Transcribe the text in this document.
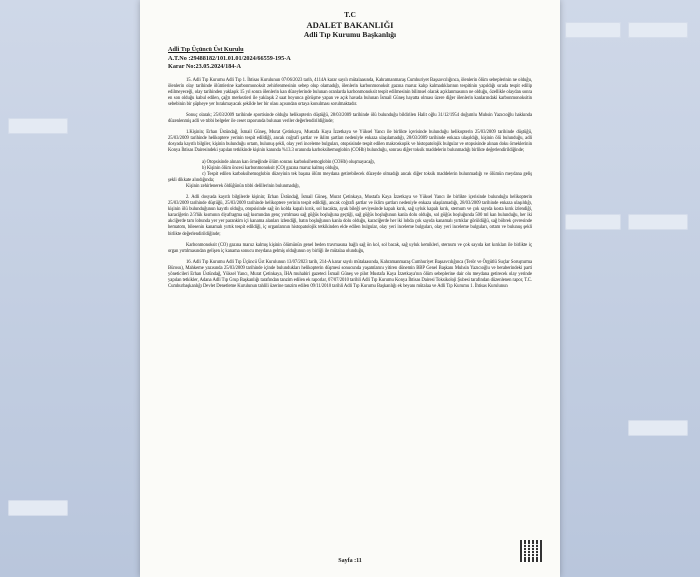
T.C
ADALET BAKANLIĞI
Adli Tıp Kurumu Başkanlığı
Adli Tıp Üçüncü Üst Kurulu
A.T.No :29488182/101.01.01/2024/66559-195-A
Karar No:23.05.2024/184-A

15. Adli Tıp Kurumu Adli Tıp 1. İhtisas Kurulunun 07/06/2023 tarih, 4114A karar sayılı mütalaasında, Kahramanmaraş Cumhuriyet Başsavcılığınca, ölenlerin ölüm sebeplerinin ne olduğu, ölenlerin olay tarihinde ölümlerine karbonmonoksit zehirlenmesinin sebep olup olamadığı, ölenlerin karbonmonoksit gazına maruz kalıp kalmadıklarının tespitinin yapıldığı sırada tespit edilip edilmeyeceği, olay tarihinden yaklaşık 15 yıl sonra ölenlerin kan düzeylerinde bulunan oranlarda karbonmonoksit tespit edilmesinin bilimsel olarak açıklanmasının ne olduğu, özellikle olaydan sonra en son olduğu kabul edilen, çağrı merkezleri ile yaklaşık 2 saat boyunca görüşme yapan ve açık havada bulunan İsmail Güneş hayatta olması üzere diğer ölenlerin kanlarındaki karbonmonoksitin sebebinin bir şüpheye yer bırakmayacak şekilde her bir olası açısından ortaya konulması sorulmaktadır.

Sonuç olarak; 25/03/2009 tarihinde sportisinde olduğu helikopterin düştüğü, 28/03/2009 tarihinde ölü bulunduğu bildirilen Halit oğlu 31/12/1954 doğumlu Muhsin Yazıcıoğlu hakkında düzenlenmiş adli ve tıbbi belgeler ile ceset raporunda bulunan veriler değerlendirildiğinde;

1.Kişinin; Erhan Üstündağ, İsmail Güneş, Murat Çetinkaya, Mustafa Kaya İzzetkaya ve Yüksel Yancı ile birlikte içerisinde bulunduğu helikopterin 25/03/2009 tarihinde düştüğü, 25/03/2009 tarihinde helikoptere yerinin tespit edildiği, ancak coğrafi şartlar ve iklim şartları nedeniyle enkaza ulaşılamadığı, 28/03/2009 tarihinde enkaza ulaşıldığı, kişinin ölü bulunduğu, adli dosyada kayıtlı bilgiler, kişinin bulunduğu ortam, bulunuş şekli, olay yeri inceleme bulguları, otopsisinde tespit edilen makroskopik ve histopatolojik bulgular ve otopsisinde alınan doku örneklerinin Konya İhtisas Dairesindeki yapılan tetkikinde kişinin kanında %13.3 oranında karboksihemoglobin (COHb) bulunduğu, sonrası diğer toksik maddelerin bulunmadığı birlikte değerlendirildiğinde;

a) Otopsisinde alınan kan örneğinde ölüm sonrası karboksihemoglobin (COHb) oluşmayacağı,

b) Kişinin ölüm öncesi karbonmonoksit (CO) gazına maruz kalmış olduğu,

c) Tespit edilen karboksihemoglobin düzeyinin tek başına ölüm meydana getirebilecek düzeyde olmadığı ancak diğer toksik maddelerin bulunmadığı ve ölümün meydana geliş şekli dikkate alındığında;

Kişinin zehirlenerek öldüğünün tıbbi delillerinin bulunmadığı,

2. Adli dosyada kayıtlı bilgilerde kişinin; Erhan Üstündağ, İsmail Güneş, Murat Çetinkaya, Mustafa Kaya İzzetkaya ve Yüksel Yancı ile birlikte içerisinde bulunduğu helikopterin 25/03/2009 tarihinde düştüğü, 25/03/2009 tarihinde helikoptere yerinin tespit edildiği, ancak coğrafi şartlar ve iklim şartları nedeniyle enkaza ulaşılamadığı, 28/03/2009 tarihinde enkaza ulaşıldığı, kişinin ölü bulunduğunun kayıtlı olduğu, otopsisinde sağ ön kolda kapalı kırık, sol bacakta, ayak bileği seviyesinde kapalı kırık, sağ uyluk kapalı kırık, sternum ve çok sayıda kosta kırık izlendiği, karaciğerin 2/3'lük kısmının diyafragma sağ kısmından genç yırtılması sağ göğüs boşluğuna geçtiği, sağ göğüs boşluğunun kanla dolu olduğu, sol göğüs boşluğunda 500 ml kan bulunduğu, her iki akciğerde tam lobunda yer yer parankim içi kanama alanları izlendiği, batın boşluğunun kanla dolu olduğu, karaciğerde her iki lobda çok sayıda kanamalı yırtıklar görüldüğü, sağ böbrek çevresinde hematom, bilesenin kanamalı yırtık tespit edildiği, iç organlarının histopatolojik tetkikinden elde edilen bulgular, olay yeri inceleme bulguları, olay yeri inceleme bulguları, ortam ve bulunuş şekli birlikte değerlendirildiğinde;

Karbonmonoksit (CO) gazına maruz kalmış kişinin ölümünün genel beden travmasına bağlı sağ ön kol, sol bacak, sağ uyluk kemikleri, sternum ve çok sayıda kot kırıkları ile birlikte iç organ yırtılmasından gelişen iç kanama sonucu meydana gelmiş olduğunun oy birliği ile mütalaa olunduğu,

16. Adli Tıp Kurumu Adli Tıp Üçüncü Üst Kurulunun 13/07/2023 tarih, 214-A karar sayılı mütalaasında, Kahramanmaraş Cumhuriyet Başsavcılığınca (Terör ve Örgütlü Suçlar Soruşturma Bürosu), Mahkeme yazısında 25/03/2009 tarihinde içinde bulundukları helikopterin düşmesi sonucunda yaşamlarını yitiren dönemin BBP Genel Başkanı Muhsin Yazıcıoğlu ve beraberindeki parti yöneticileri Erhan Üstündağ, Yüksel Yancı, Murat Çetinkaya, İHA muhabiri gazeteci İsmail Güneş ve pilot Mustafa Kaya İzzetkaya'nın ölüm sebeplerine dair olu meydana getirecek olay yerinde yapılan tetkikler, Adana Adli Tıp Grup Başkanlığı tarafından tanzim edilen ek raporlar, 07/07/2010 tarihli Adli Tıp Kurumu Konya İhtisas Dairesi Toksikoloji Şubesi tarafından düzenlenen rapor, T.C. Cumhurbaşkanlığı Devlet Denetleme Kurulunun tahlili üzerine tanzim edilen 09/11/2010 tarihli Adli Tıp Kurumu Başkanlığı ek beyanı mütalaa ve Adli Tıp Kurumu 1. İhtisas Kurulunun

Sayfa :11
